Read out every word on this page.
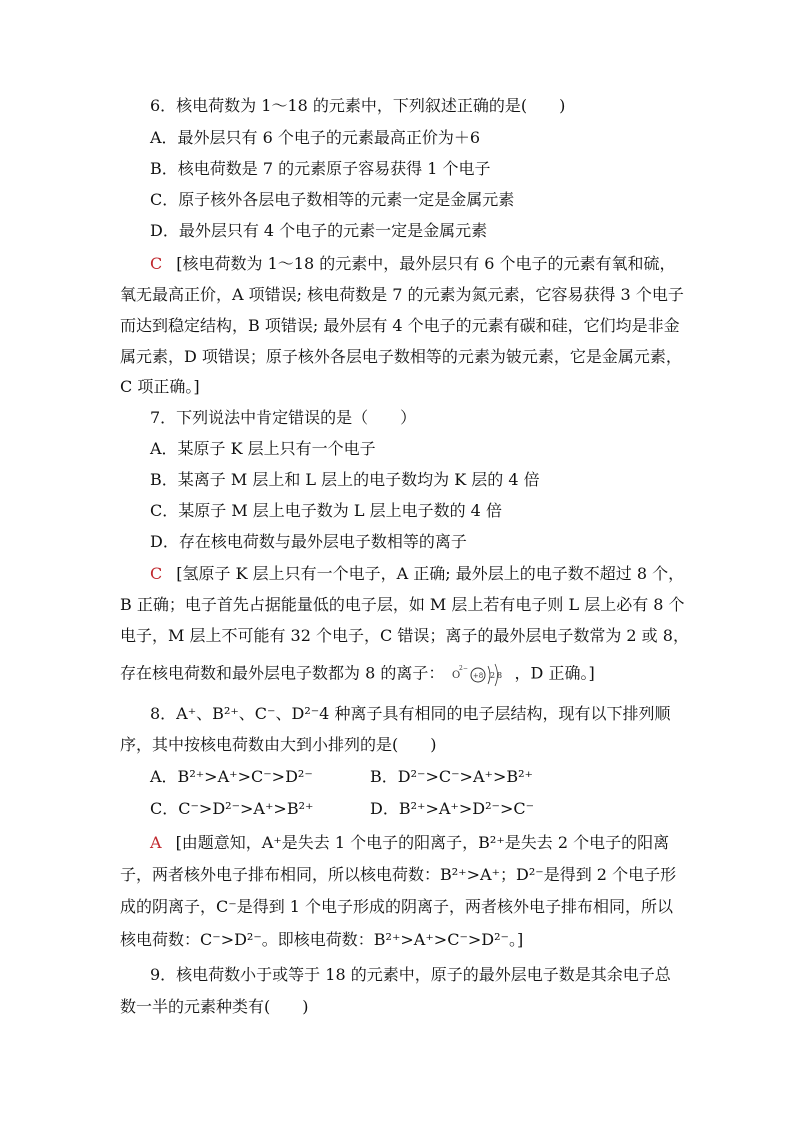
6．核电荷数为 1～18 的元素中，下列叙述正确的是(　　)
A．最外层只有 6 个电子的元素最高正价为＋6
B．核电荷数是 7 的元素原子容易获得 1 个电子
C．原子核外各层电子数相等的元素一定是金属元素
D．最外层只有 4 个电子的元素一定是金属元素
C [核电荷数为 1～18 的元素中，最外层只有 6 个电子的元素有氧和硫，
氧无最高正价，A 项错误; 核电荷数是 7 的元素为氮元素，它容易获得 3 个电子
而达到稳定结构，B 项错误; 最外层有 4 个电子的元素有碳和硅，它们均是非金
属元素，D 项错误；原子核外各层电子数相等的元素为铍元素，它是金属元素，
C 项正确。]
7．下列说法中肯定错误的是（　　）
A．某原子 K 层上只有一个电子
B．某离子 M 层上和 L 层上的电子数均为 K 层的 4 倍
C．某原子 M 层上电子数为 L 层上电子数的 4 倍
D．存在核电荷数与最外层电子数相等的离子
C [氢原子 K 层上只有一个电子，A 正确; 最外层上的电子数不超过 8 个，
B 正确；电子首先占据能量低的电子层，如 M 层上若有电子则 L 层上必有 8 个
电子，M 层上不可能有 32 个电子，C 错误；离子的最外层电子数常为 2 或 8，
存在核电荷数和最外层电子数都为 8 的离子： O
2−
+8 2 8 ，D 正确。]
8．A⁺、B²⁺、C⁻、D²⁻4 种离子具有相同的电子层结构，现有以下排列顺
序，其中按核电荷数由大到小排列的是(　　)
A．B²⁺>A⁺>C⁻>D²⁻	B．D²⁻>C⁻>A⁺>B²⁺
C．C⁻>D²⁻>A⁺>B²⁺	D．B²⁺>A⁺>D²⁻>C⁻
A [由题意知，A⁺是失去 1 个电子的阳离子，B²⁺是失去 2 个电子的阳离
子，两者核外电子排布相同，所以核电荷数：B²⁺>A⁺；D²⁻是得到 2 个电子形
成的阴离子，C⁻是得到 1 个电子形成的阴离子，两者核外电子排布相同，所以
核电荷数：C⁻>D²⁻。即核电荷数：B²⁺>A⁺>C⁻>D²⁻。]
9．核电荷数小于或等于 18 的元素中，原子的最外层电子数是其余电子总
数一半的元素种类有(　　)
